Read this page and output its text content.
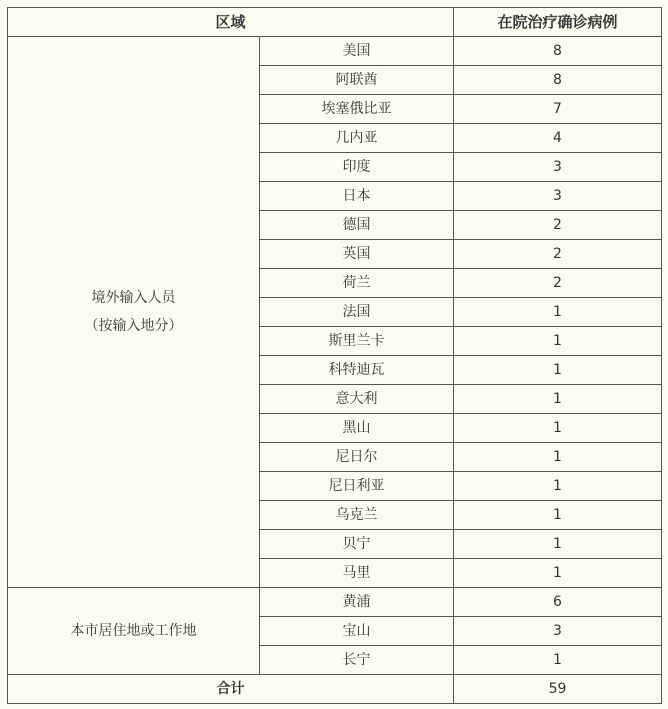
区域		在院治疗确诊病例

境外输入人员
（按输入地分）	美国	8
	阿联酋	8
	埃塞俄比亚	7
	几内亚	4
	印度	3
	日本	3
	德国	2
	英国	2
	荷兰	2
	法国	1
	斯里兰卡	1
	科特迪瓦	1
	意大利	1
	黑山	1
	尼日尔	1
	尼日利亚	1
	乌克兰	1
	贝宁	1
	马里	1

本市居住地或工作地	黄浦	6
	宝山	3
	长宁	1
合计		59
